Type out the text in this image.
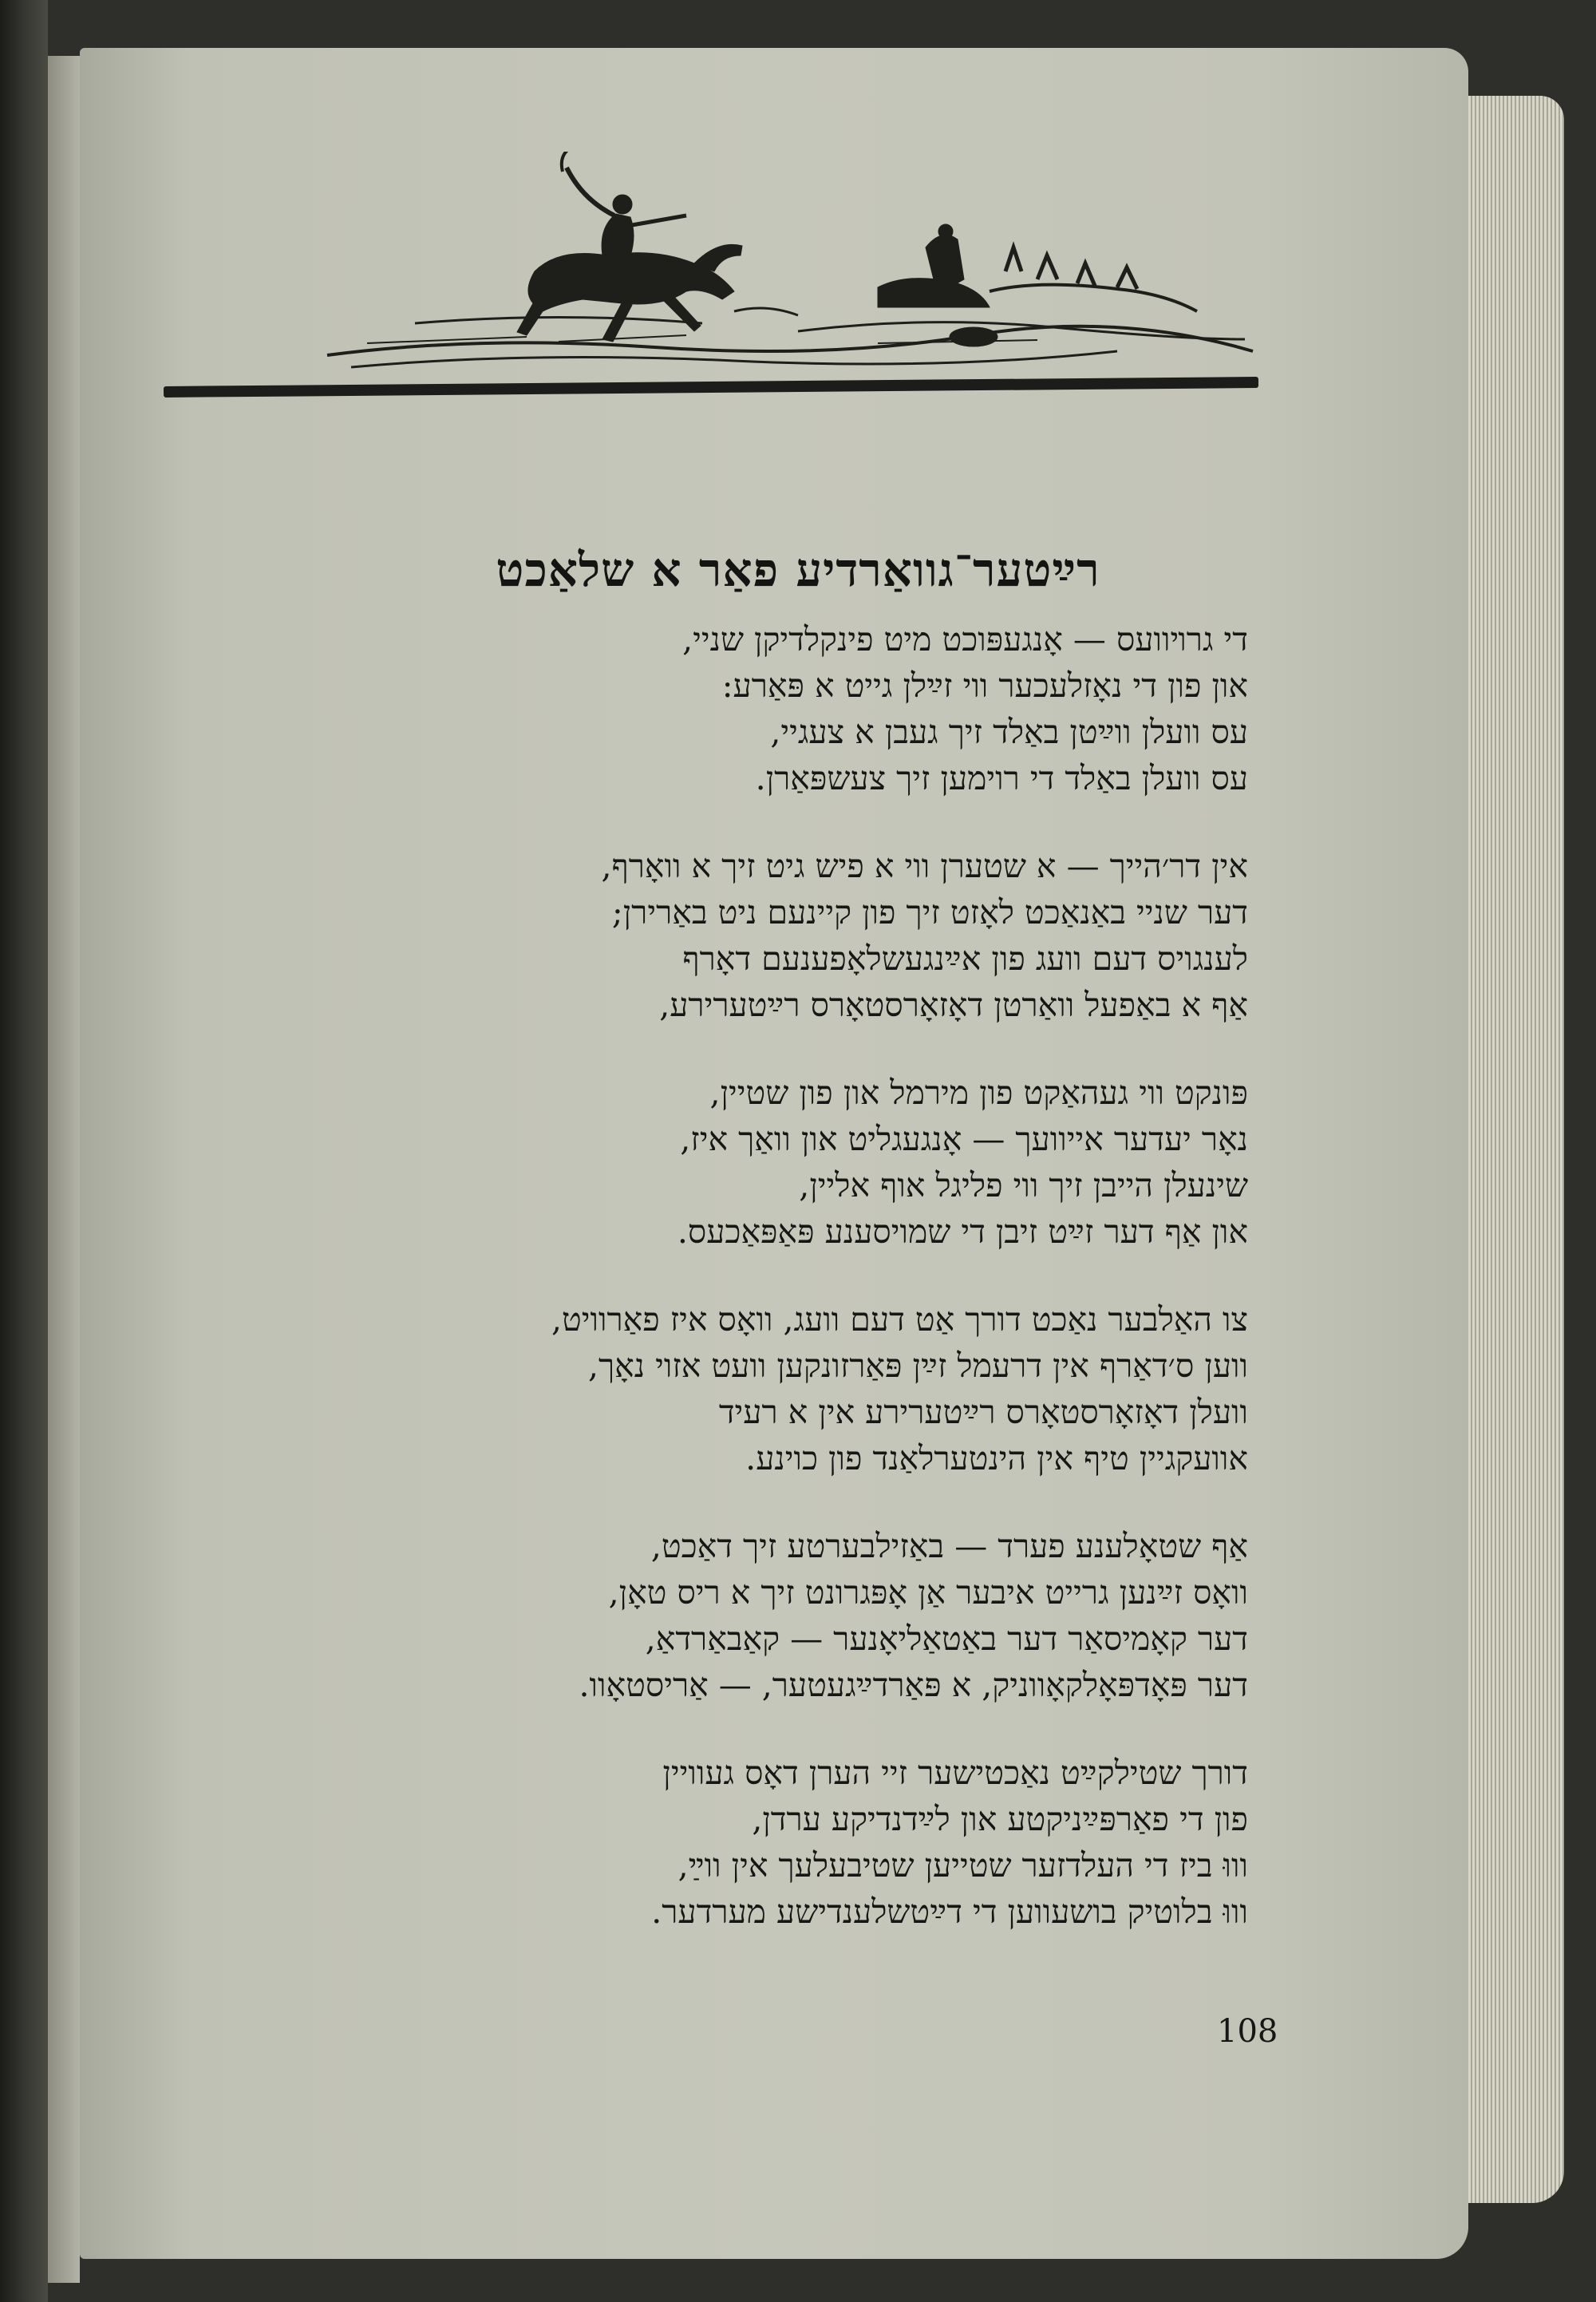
רײַטער־גוואַרדיע פאַר א שלאַכט
די גרױוועס — אָנגעפּוכט מיט פינקלדיקן שניי,
און פון די נאָזלעכער ווי זײַלן גייט א פּאַרע:
עס וועלן ווײַטן באַלד זיך געבן א צעגיי,
עס וועלן באַלד די רוימען זיך צעשפּאַרן.
אין דר׳הייך — א שטערן ווי א פיש גיט זיך א וואָרף,
דער שניי באַנאַכט לאָזט זיך פון קיינעם ניט באַרירן;
לענגויס דעם וועג פון אײַנגעשלאָפענעם דאָרף
אַף א באַפעל וואַרטן דאָזאָרסטאָרס רײַטערירע,
פּונקט ווי געהאַקט פון מירמל און פון שטיין,
נאָר יעדער אייוועך — אָנגעגליט און וואַך איז,
שינעלן הייבן זיך ווי פליגל אוף אליין,
און אַף דער זײַט זיבן די שמויסענע פּאַפּאַכעס.
צו האַלבער נאַכט דורך אַט דעם וועג, וואָס איז פאַרוויט,
ווען ס׳דאַרף אין דרעמל זײַן פּאַרזונקען וועט אזוי נאָך,
וועלן דאָזאָרסטאָרס רײַטערירע אין א רעיד
אוועקגיין טיף אין הינטערלאַנד פון כוינע.
אַף שטאָלענע פערד — באַזילבערטע זיך דאַכט,
וואָס זײַנען גרייט איבער אַן אָפּגרונט זיך א ריס טאָן,
דער קאָמיסאַר דער באַטאַליאָנער — קאַבאַרדאַ,
דער פּאָדפּאָלקאָווניק, א פּאַרדײַגעטער, — אַריסטאָוו.
דורך שטילקײַט נאַכטישער זיי הערן דאָס געוויין
פון די פאַרפּײַניקטע און לײַדנדיקע ערדן,
וווּ ביז די העלדזער שטייען שטיבעלעך אין ווײַ,
וווּ בלוטיק בושעווען די דײַטשלענדישע מערדער.
108
